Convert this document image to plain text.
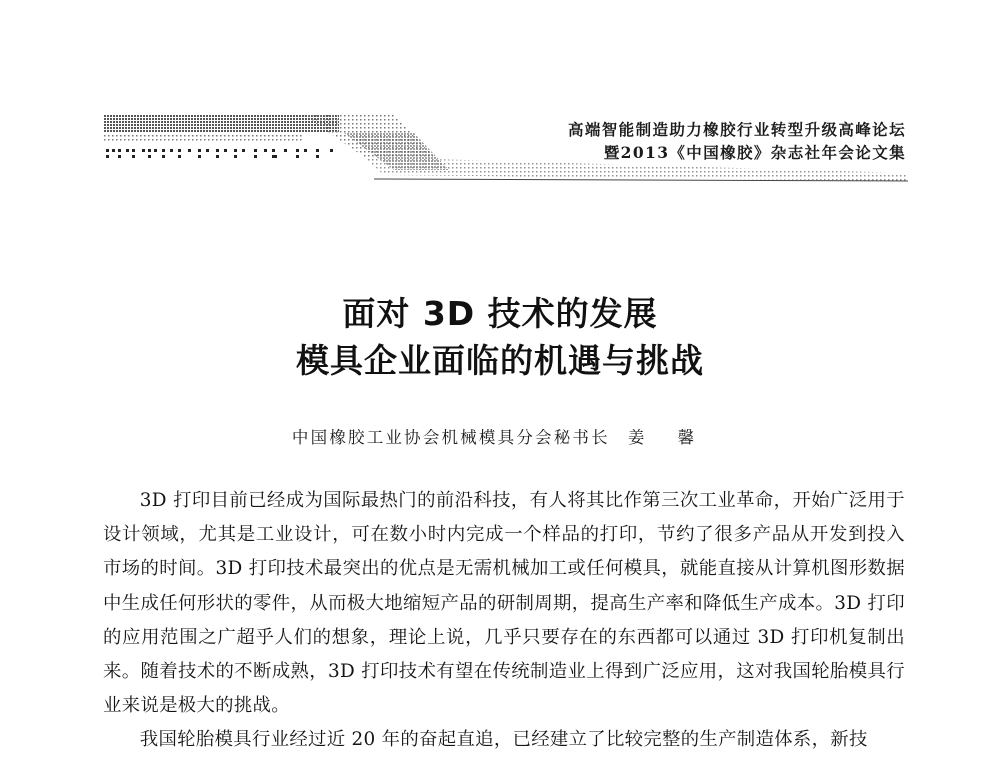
高端智能制造助力橡胶行业转型升级高峰论坛
暨2013《中国橡胶》杂志社年会论文集
面对 3D 技术的发展
模具企业面临的机遇与挑战
中国橡胶工业协会机械模具分会秘书长 姜 馨

3D 打印目前已经成为国际最热门的前沿科技，有人将其比作第三次工业革命，开始广泛用于设计领域，尤其是工业设计，可在数小时内完成一个样品的打印，节约了很多产品从开发到投入市场的时间。3D 打印技术最突出的优点是无需机械加工或任何模具，就能直接从计算机图形数据中生成任何形状的零件，从而极大地缩短产品的研制周期，提高生产率和降低生产成本。3D 打印的应用范围之广超乎人们的想象，理论上说，几乎只要存在的东西都可以通过 3D 打印机复制出来。随着技术的不断成熟，3D 打印技术有望在传统制造业上得到广泛应用，这对我国轮胎模具行业来说是极大的挑战。

我国轮胎模具行业经过近 20 年的奋起直追，已经建立了比较完整的生产制造体系，新技
